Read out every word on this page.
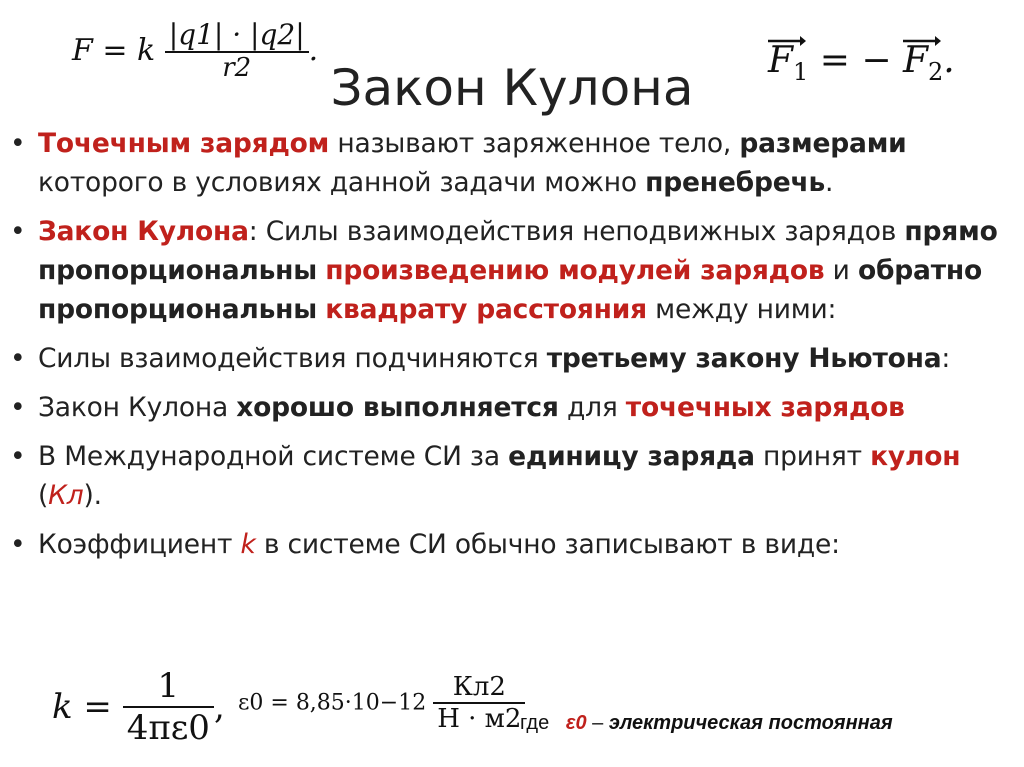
F = k $\frac{|q1| \cdot |q2|}{r2}$ .
Закон Кулона	$F_1$ = − $F_2$.
• Точечным зарядом называют заряженное тело, размерами которого в условиях данной задачи можно пренебречь.
• Закон Кулона: Силы взаимодействия неподвижных зарядов прямо пропорциональны произведению модулей зарядов и обратно пропорциональны квадрату расстояния между ними:
• Силы взаимодействия подчиняются третьему закону Ньютона:
• Закон Кулона хорошо выполняется для точечных зарядов
• В Международной системе СИ за единицу заряда принят кулон (Кл).
• Коэффициент k в системе СИ обычно записывают в виде:
$k = \frac{1}{4\pi\varepsilon 0}$ , $\varepsilon 0 = 8,85\cdot 10-12 \frac{Кл2}{Н \cdot м2}$
где ε0 – электрическая постоянная
